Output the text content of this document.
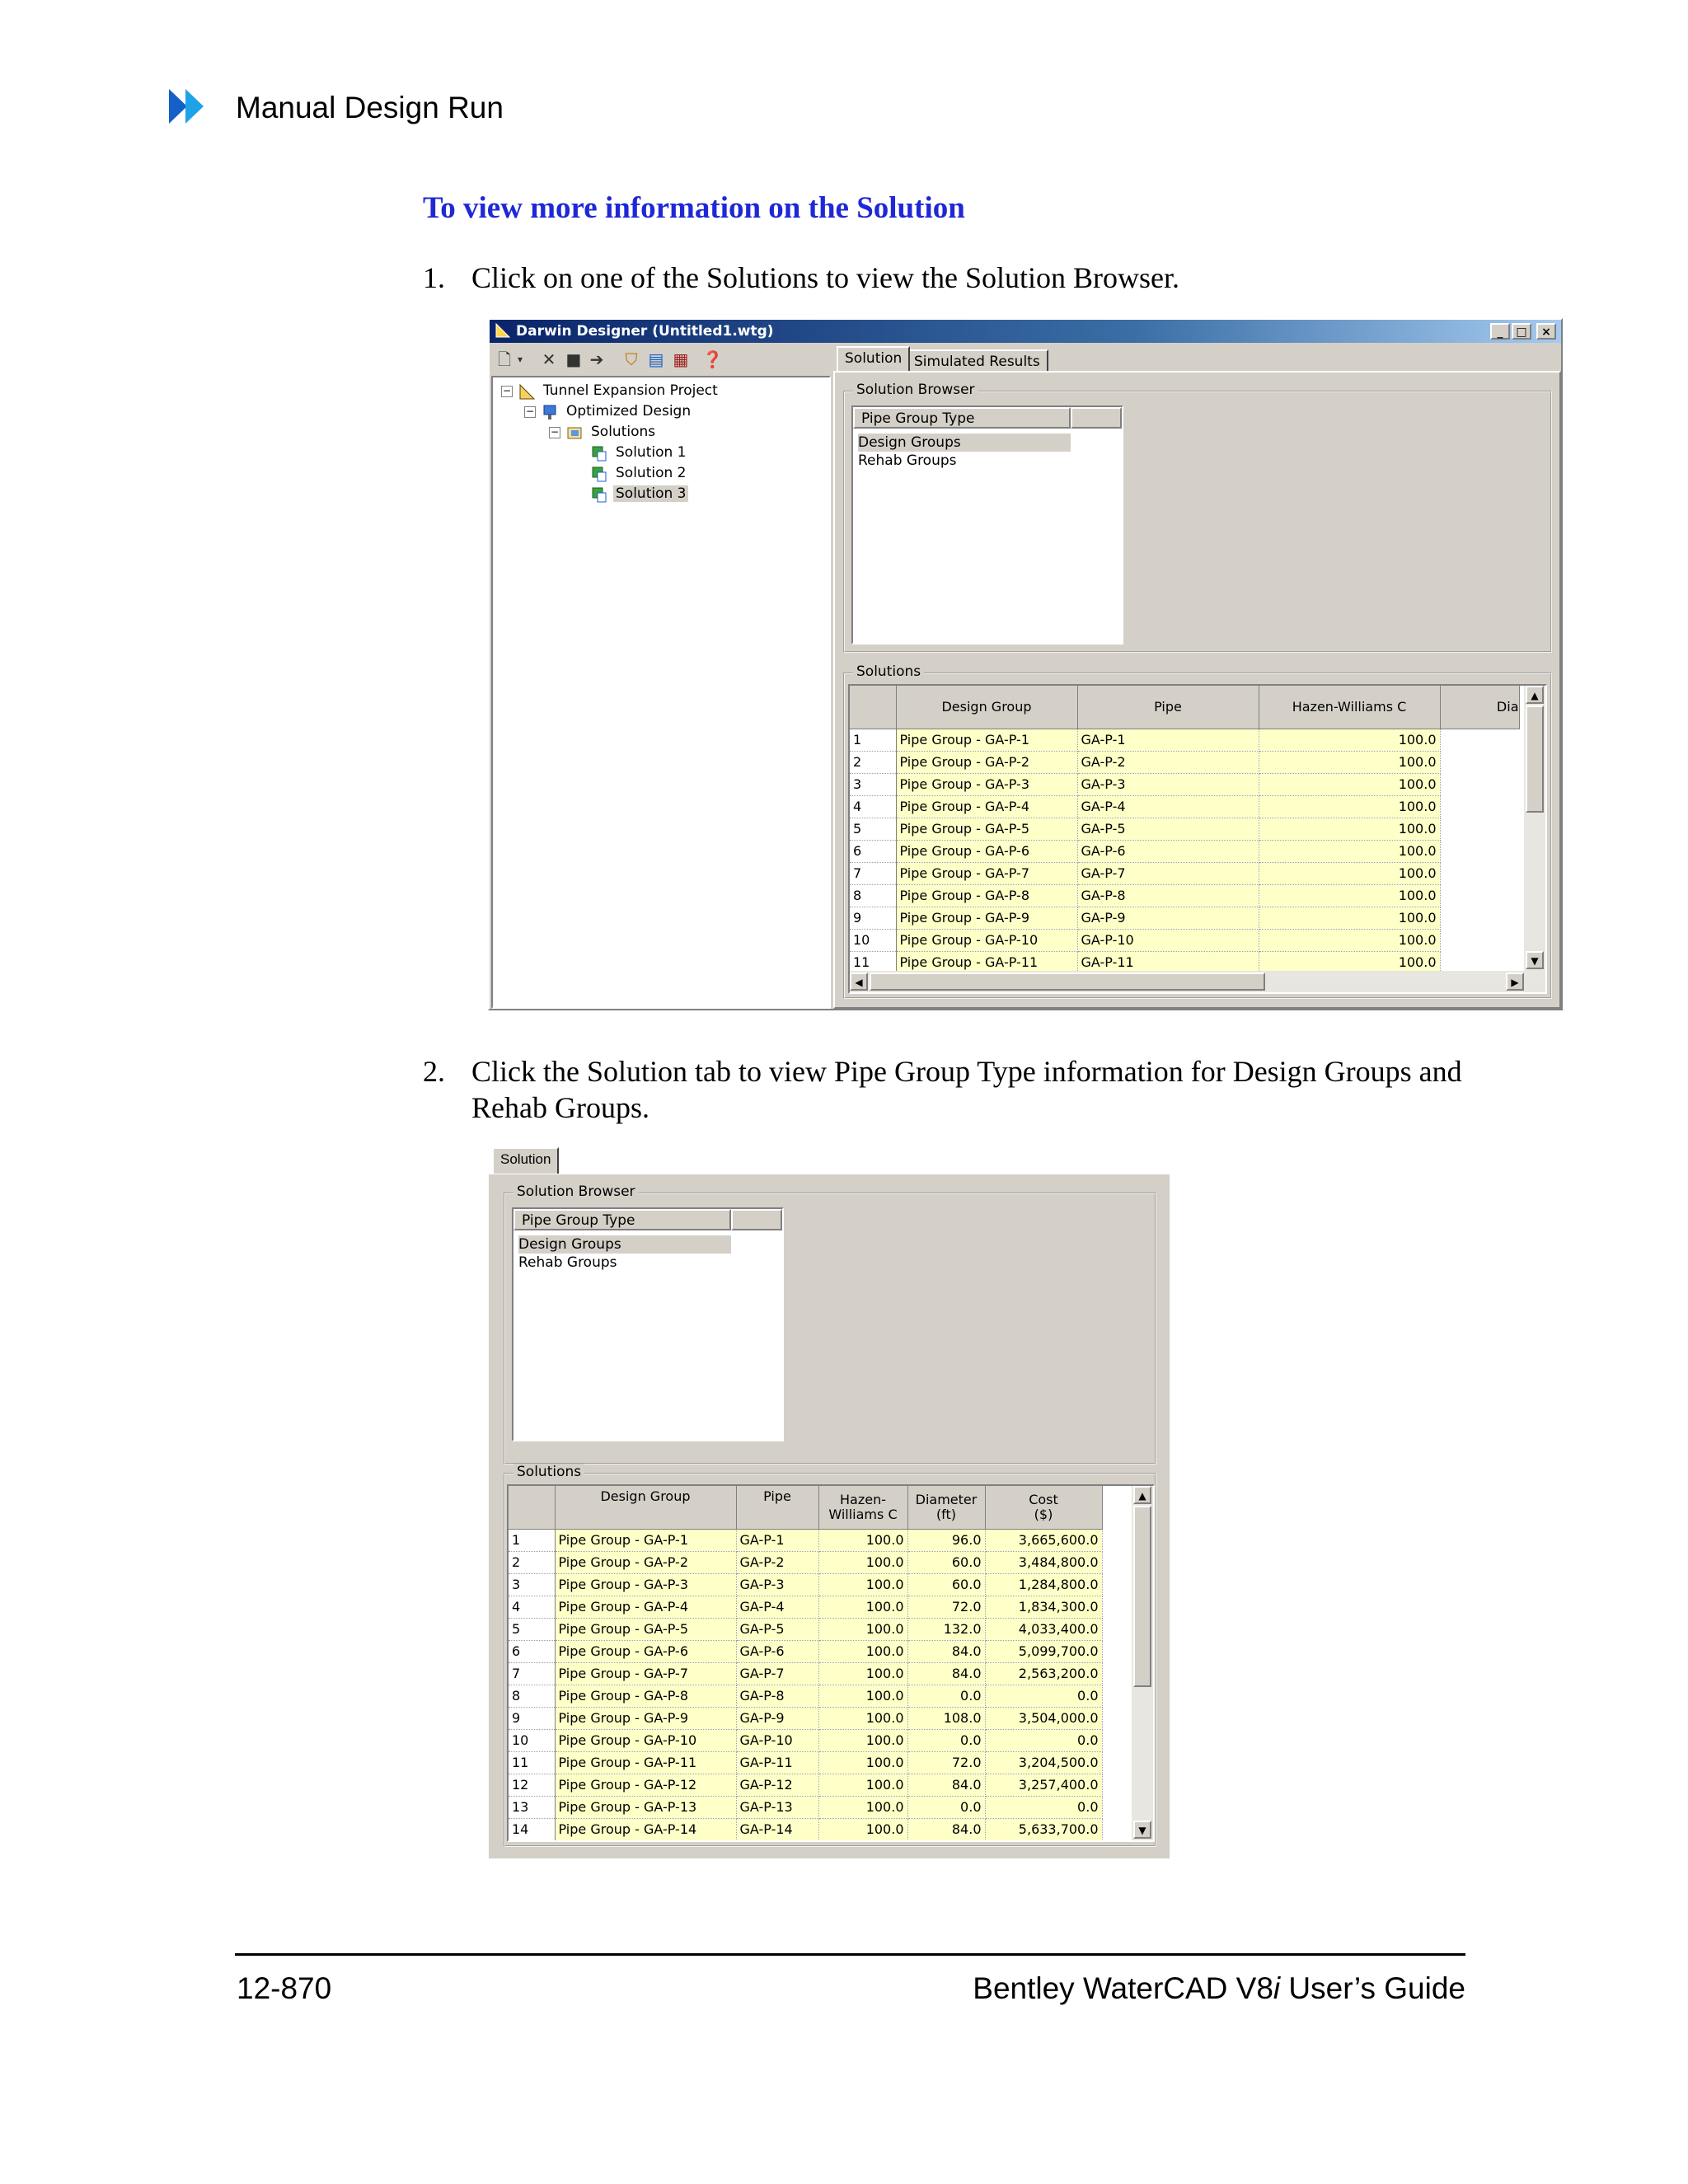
Manual Design Run
To view more information on the Solution
1. Click on one of the Solutions to view the Solution Browser.
Darwin Designer (Untitled1.wtg)	_	□	×
🗋 ▾ ✕ ■ ➔ ⛉ ▤ ▦ ❓
−
−
−
Tunnel Expansion Project
Optimized Design
Solutions
Solution 1
Solution 2
Solution 3
Solution Simulated Results
Solution Browser
Pipe Group Type
Design Groups
Rehab Groups
Solutions
	Design Group	Pipe	Hazen-Williams C	Dia
1	Pipe Group - GA-P-1	GA-P-1	100.0	
2	Pipe Group - GA-P-2	GA-P-2	100.0	
3	Pipe Group - GA-P-3	GA-P-3	100.0	
4	Pipe Group - GA-P-4	GA-P-4	100.0	
5	Pipe Group - GA-P-5	GA-P-5	100.0	
6	Pipe Group - GA-P-6	GA-P-6	100.0	
7	Pipe Group - GA-P-7	GA-P-7	100.0	
8	Pipe Group - GA-P-8	GA-P-8	100.0	
9	Pipe Group - GA-P-9	GA-P-9	100.0	
10	Pipe Group - GA-P-10	GA-P-10	100.0	
11	Pipe Group - GA-P-11	GA-P-11	100.0	
▲
▼
◀	▶
2. Click the Solution tab to view Pipe Group Type information for Design Groups and Rehab Groups.
Solution
Solution Browser
Pipe Group Type
Design Groups
Rehab Groups
Solutions
	Design Group	Pipe	Hazen-
Williams C	Diameter
(ft)	Cost
($)
1	Pipe Group - GA-P-1	GA-P-1	100.0	96.0	3,665,600.0
2	Pipe Group - GA-P-2	GA-P-2	100.0	60.0	3,484,800.0
3	Pipe Group - GA-P-3	GA-P-3	100.0	60.0	1,284,800.0
4	Pipe Group - GA-P-4	GA-P-4	100.0	72.0	1,834,300.0
5	Pipe Group - GA-P-5	GA-P-5	100.0	132.0	4,033,400.0
6	Pipe Group - GA-P-6	GA-P-6	100.0	84.0	5,099,700.0
7	Pipe Group - GA-P-7	GA-P-7	100.0	84.0	2,563,200.0
8	Pipe Group - GA-P-8	GA-P-8	100.0	0.0	0.0
9	Pipe Group - GA-P-9	GA-P-9	100.0	108.0	3,504,000.0
10	Pipe Group - GA-P-10	GA-P-10	100.0	0.0	0.0
11	Pipe Group - GA-P-11	GA-P-11	100.0	72.0	3,204,500.0
12	Pipe Group - GA-P-12	GA-P-12	100.0	84.0	3,257,400.0
13	Pipe Group - GA-P-13	GA-P-13	100.0	0.0	0.0
14	Pipe Group - GA-P-14	GA-P-14	100.0	84.0	5,633,700.0
▲
▼
12-870	Bentley WaterCAD V8i User’s Guide
